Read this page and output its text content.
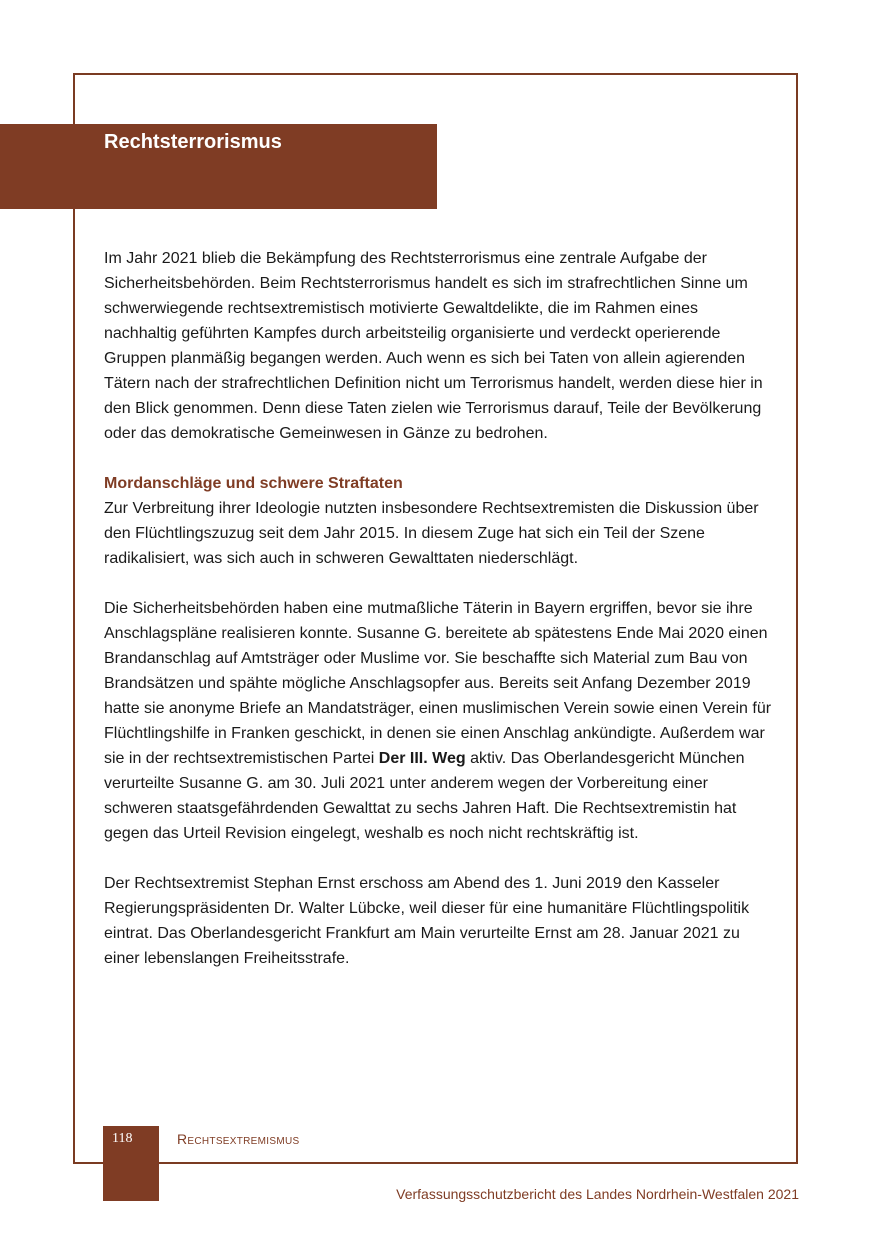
Rechtsterrorismus

Im Jahr 2021 blieb die Bekämpfung des Rechtsterrorismus eine zentrale Aufgabe der Sicherheitsbehörden. Beim Rechtsterrorismus handelt es sich im strafrechtlichen Sinne um schwerwiegende rechtsextremistisch motivierte Gewaltdelikte, die im Rahmen eines nachhaltig geführten Kampfes durch arbeitsteilig organisierte und verdeckt operierende Gruppen planmäßig begangen werden. Auch wenn es sich bei Taten von allein agierenden Tätern nach der strafrechtlichen Definition nicht um Terrorismus handelt, werden diese hier in den Blick genommen. Denn diese Taten zielen wie Terrorismus darauf, Teile der Bevölkerung oder das demokratische Gemeinwesen in Gänze zu bedrohen.

Mordanschläge und schwere Straftaten

Zur Verbreitung ihrer Ideologie nutzten insbesondere Rechtsextremisten die Diskussion über den Flüchtlingszuzug seit dem Jahr 2015. In diesem Zuge hat sich ein Teil der Szene radikalisiert, was sich auch in schweren Gewalttaten niederschlägt.

Die Sicherheitsbehörden haben eine mutmaßliche Täterin in Bayern ergriffen, bevor sie ihre Anschlagspläne realisieren konnte. Susanne G. bereitete ab spätestens Ende Mai 2020 einen Brandanschlag auf Amtsträger oder Muslime vor. Sie beschaffte sich Material zum Bau von Brandsätzen und spähte mögliche Anschlagsopfer aus. Bereits seit Anfang Dezember 2019 hatte sie anonyme Briefe an Mandatsträger, einen muslimischen Verein sowie einen Verein für Flüchtlingshilfe in Franken geschickt, in denen sie einen Anschlag ankündigte. Außerdem war sie in der rechtsextremistischen Partei Der III. Weg aktiv. Das Oberlandesgericht München verurteilte Susanne G. am 30. Juli 2021 unter anderem wegen der Vorbereitung einer schweren staatsgefährdenden Gewalttat zu sechs Jahren Haft. Die Rechtsextremistin hat gegen das Urteil Revision eingelegt, weshalb es noch nicht rechtskräftig ist.

Der Rechtsextremist Stephan Ernst erschoss am Abend des 1. Juni 2019 den Kasseler Regierungspräsidenten Dr. Walter Lübcke, weil dieser für eine humanitäre Flüchtlingspolitik eintrat. Das Oberlandesgericht Frankfurt am Main verurteilte Ernst am 28. Januar 2021 zu einer lebenslangen Freiheitsstrafe.

118	Rechtsextremismus
Verfassungsschutzbericht des Landes Nordrhein-Westfalen 2021
